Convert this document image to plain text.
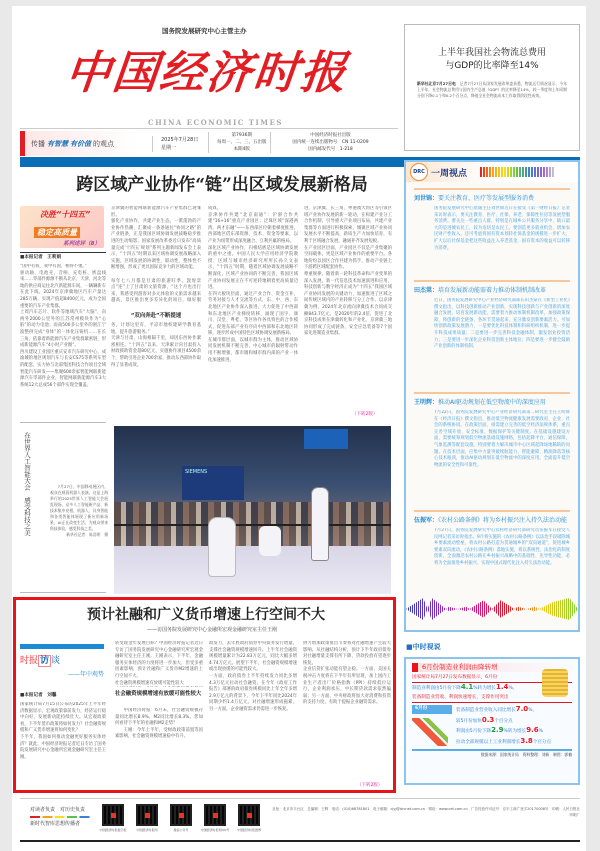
国务院发展研究中心主管主办
中国经济时报
CHINA ECONOMIC TIMES
传播 有智慧 有价值 的观点	2025年7月28日
星期一
第7936期
每周一、二、三、五出版
本期4版
中国经济时报社出版
国内统一连续出版物号　CN 11-0209
国内邮发代号　1-218
上半年我国社会物流总费用
与GDP的比率降至14%
新华社北京7月27日电　 记者7月27日从国家发展改革委获悉，物流运行情况显示，今年上半年，社会物流总费用与国内生产总值（GDP）的比率降至14%，较一季度和上年同期分别下降0.1个和0.2个百分点，降低全社会物流成本工作取得阶段性成效。
跨区域产业协作“链”出区域发展新格局
决胜“十四五”
稳定高质量
系列述评（8）
■本报记者　王莉娟
“国中有我，我中有国，相得不弛。”
驱动轴、电池壳、音响、充电桩、底盘线束……零部件源源不断从北京、天津、河北等地的供应商运往北汽新能源车间，一辆辆新车在此下线。2024年京津冀地区汽车产量达285万辆，实现产值超8400亿元，成为全国重要的汽车产业集群。
上周汽车芯片、软件等地域汽车“大脑”，向两外2000公里外的江苏常州模块作为“心脏”的动力电池；而南500多公里外的浙江宁波整供完成“身体”的一体化压铸机……在长三角，依靠着新能源汽车产业集群紧密链，形成新能源汽车“4小时产业圈”。
西川建设工业园区重庆安市汽车研究中心，成渝城的地区规划汽车与长安CS75等系列车型的配套，实力协与北部集团科技合作项目全域智能汽车研发——集聚600余家智能网联新能源汽车零部件企业，智能网联新能源汽车3大系统12大总成56个部件实现全覆盖。
“双向奔赴”不断提速
京津冀的智能网联新能源汽车产业集群已现雏形。
强化产业协作，共建产业生态。一派蓬勃的产业协作热潮，汇聚成一条条通往“协同之路”的产业链条，正是我国区域协调发展战略稳步推进的生动缩影。国家发展改革委近日发布“高质量完成‘十四五’规划”系列主题新闻发布会上表示，“十四五”时期以来区域协调发展战略深入实施，区域发展的协调性、联动性、整体性不断增强，形成了更具国际竞争力的区域动能。

每年七八月都是甘肃的旅游旺季。敦煌景点“连”上了甘肃的文旅资源，“这个月也出行来，我感受到游客对多元体验的文旅需求越来越高，景区推出更多差异化的项目，做好服务，计划这里有，平凉市地校建研学教育基地，提升旅游服务。”
天津与甘肃，山海相隔千里，却因东西协作紧密相连。“十四五”以来，天津累计向甘肃投入财政援助资金超80亿元，实施协作项目4500余个，帮助引进企业700余家，推动东西部协作取得了显著成效。
成效。
京津协作共建“北京南通”：沪浙合作共建“16+16”重点产业园区；泛珠区域“深港两湾，两才东融”——东西部区位朝着梯度推进，西部地区借东部资源、技术、资金等要素，以产业为纽带形成深度融合、互利共赢的格局。
深化区域产业协作，归根结底是区域协调发展的重中之重。中国人民大学应用经济学院教授、区域与城市经济研究所所长孙久文表示，“十四五”时期，随着区域协调发展战略不断深化，区域产业协同的不断完善，我国区域产业协同发展正在不可逆转地朝着更高质量迈进。
在四大板块层面，通过产业合作、资金互补、劳务对接与人才交流等方式，东、中、西、东北地区产业协作深入推进，大力促进了中西部和东北地区产业梯度转移，涌现了国字、颜川、汉堂、粤桂、等区协作各具特色的合作模式，促进东部产业有序向中西部和东北地区转移，逐步形成中国特色区域协调发展新格局。
在城市群层面，以城市群为主体，推动区域协同发展机制不断完善，中心城市的辐射带动作用不断增强，都市圈和城市群内部的产业一体化加速推进。
进，京津冀、长三角、粤港澳大湾区等引领区域产业协作发展的新一轮动，在构建产业分工合作机制，引导重大产业项目布局，共建产业集群等方面进行积极探索，城镇区域产业协同发展水平不断提高，新质生产力加快培育，有利于区域融合发展，融通补齐发展短板。
在产业园区层面，产业园区不仅是产业集聚的空间载体，更是区域产业协作的重要平台。各地纷纷以园区合作共建为抓手，推动产业链上下游跨区域配套协作。
尊重规律，随着新一轮科技革命和产业变革的深入发展，新一代信息技术加速演进和应用，科技创新与数字经济正成为“十四五”我国区域产业协同发展的关键动力，加速推进了区域之间传统区域内的产业转移与分工合作。以京津冀为例，2024年北京流向津冀技术合同成交额843.7亿元，是2020年的2.4倍，促进了北京科技成果在津冀转化和产业化，京津冀三地协同形成了完成链条，安全应急装备等7个国家先进制造业集群。
（下转2版）
在世界人工智能大会　感受科技之美

7月27日，中国移动展区内，观众在观看机器人表演。这是上海举行的2025世界人工智能大会展览现场，众多人工智能新产品、新技术集中亮相，机器人、具身智能和各类智能体展现了新应用新场景，AI正在改变生活，为观众带来科技体验，感受科技之美。

新华社记者　陈浩明　摄
SIEMENS
预计社融和广义货币增速上行空间不大
——访国务院发展研究中心金融所宏观金融研究室主任王刚
时报 访 谈
——年中观势
■本报记者　刘馨
国家统计局7月15日公布的2025年上半年经济数据显示，宏观政策靠前发力，经济运行稳中向好，发展新动能持续壮大。从宏观政策看，下半年货币政策将如何发力？社会融资规模和广义货币增速将如何变化？
下半年，我国如何推动金融更好服务实体经济？就此，中国经济时报记者近日专访了国务院发展研究中心金融所宏观金融研究室主任王刚。
转变现金年发展目标？中国经济时报记者近日专访了国务院发展研究中心金融研究所宏观金融研究室主任王刚。王刚表示，下半年，金融服务实体经济的力度将进一步加大，但受多重因素影响，预计社融和广义货币M2增速的上行空间不大。
社会融资规模增速有放缓可能性较大

社会融资规模增速有放缓可能性较大

中国经济时报：6月末，社会融资规模存量同比增长8.9%，M2同比增长8.3%。您如何看待下半年的社融和M2走势？

王刚：今年上半年，受财政政策前置等因素影响，社会融资规模增速稳中有升。

政发力，去年底政府债券中央债务发行增量，支撑社会融资规模增速回升。上半年社会融资规模增量累计为22.83万亿元，同比大幅多增4.74万亿元。展望下半年，社会融资规模增速或出现放缓的可能性较大。
一方面，政府债券上半年持续发力同比多增4.3万亿元拉动社会融资。在今年《政府工作报告》部署的政府债券规模同比上年全年多增2.9万亿元的背景下，今年下半年同比2024年同期少约1.4万亿元，对社融增速形成拖累。另一方面，企业融资需求仍需进一步恢复。
协力增加政策推出节奏将对社融增速产生较大影响。从社融结构分析，预计下半年政府债券对社融增量支撑有所下降，贷款投放有望逐步恢复。
企业信贷扩张动能有望企稳。一方面，美国关税冲击力度将在下半年有所显现，加上国内工业生产者出厂价格指数（PPI）持续低位运行，企业利润承压，中长期贷款需求依然偏弱；另一方面，中央财政将加大对消费和投资的支持力度，有助于提振企业融资需求。
（下转2版）
DRC 一周视点
刘世锦：要关注教育、医疗等发展型服务消费
国务院发展研究中心原副主任刘世锦近日在接受《第一财经日报》记者采访时表示，要关注教育、医疗、社保、养老、保障性住房等发展型服务消费。要关注一些重点人群，特别是在城乡公共服务分享中，缺口最大的是进城农民工，较为迫切是农民工。要创造更多就业机会，增加农民财产性收入。还可考虑将国有资本划转社保基金的规模进一步扩大，扩大以后社保基金把这些收益注入养老基金，国有资本的收益可以转移为消费。
田杰棠：培育发展新动能需着力推动体制机制改革
近日，国务院发展研究中心产业经济研究部部长田杰棠在《新型工业化》撰文指出，以科技创新推动产业创新，实现科技创新与产业创新的深度融合发展，培育发展新动能，需要着力推动体制机制改革。加强政策保障，将创新的全链条、各环节贯通起来，充分激发创新要素活力。可加快创新政策发展潜力，一是要优化科技体制和科研组织机制，进一步提升科技成果质量；二是要进一步完善科技金融体制，激发创业投资活力；三是要进一步深化企业科技创新主体地位；四是要进一步健全鼓励产业创新的体制机制。
王明辉：推动AI驱动规划在低空物流中的深度应用
7月22日，国务院发展研究中心产业经济研究部第二研究室主任王明辉在《经济日报》撰文指出，推动低空物流健康发展需要政府、企业、社会的系统协同。在政策层面，亟需建立完善的低空经济法规体系，重点完善空域开放、安全标准、数据保护等关键制度。在基础设施建设方面，需要统筹规划低空物流基础设施网络，包括起降平台、通信保障、气象监测等配套设施，特别要着力解决城市中心区域起降场地稀缺的问题。在技术层面，应集中力量突破续航能力、智能避障、精准降落等核心技术瓶颈，推动AI驱动规划在低空物流中的深度应用，全面提升低空物流的安全性和可靠性。
伍振军：《农村公路条例》将为乡村振兴注入持久法治动能
7月27日，国务院发展研究中心农村经济研究部研究员伍振军在接受人民网记者采访时指出，9月将实施的《农村公路条例》以法治手段破除城乡要素流动壁垒，将农村公路打造为贯通城乡的“双向通道”，促进城乡要素双向流动。《农村公路条例》落地实施，将以系统性、法治化的制度创新，全面激活农村公路在乡村振兴战略中的基础性、先导性功能，必将为全面推进乡村振兴、实现中国式现代化注入持久法治动能。
■中时视说
6月份制造业利润由降转增
国家统计局7月27日发布数据显示，6月份
制造业利润由5月份下降4.1%转为增长1.4%，
装备制造业营收、利润快速增长，支撑作用突出
6月份	装备制造业营业收入同比增长7.0%，
较5月份加快0.3个百分点
利润由5月份下降2.9%转为增长9.6%
拉动全部规模以上工业利润增长3.8个百分点
数据来源：国家统计局　资料整理：刘新　制图：郭楠
对读者负责　对历史负责
新时代智库思想传播者
中国经济时报数字报	中国经济时报网	微信公众号	中国经济时报网QQ号	中国经济时报微博
社址：北京市丰台区　总编辑：王辉　电话：(010)68781801　电子邮箱：cjyj@drcnet.com.cn　网址：www.cet.com.cn　广告经营许可证号：京丰工商广登字20170008号　印刷：人民日报社印刷厂
